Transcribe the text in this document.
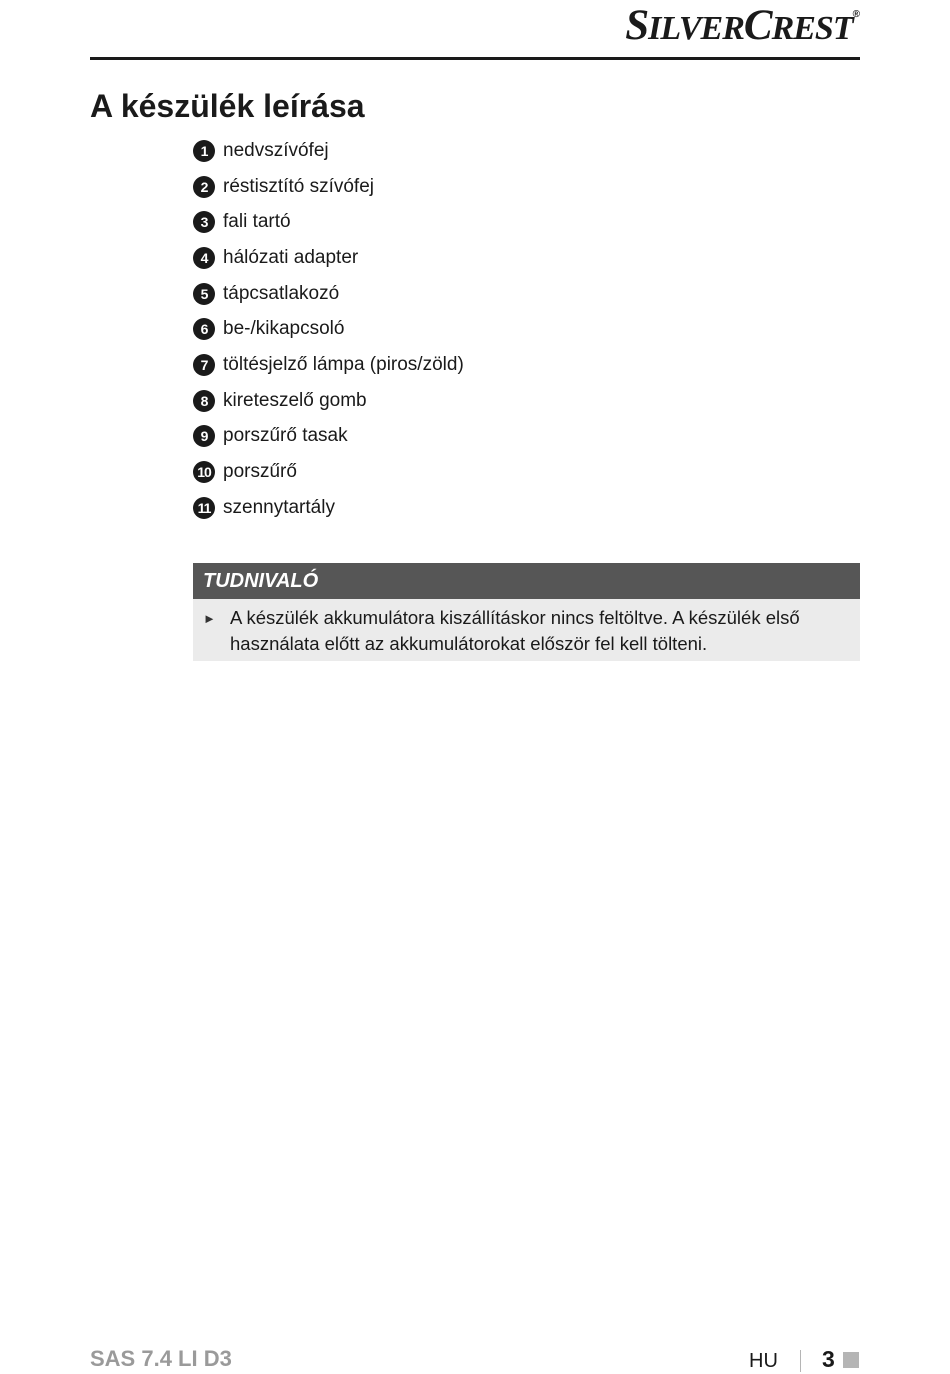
SILVERCREST®
A készülék leírása
1 nedvszívófej
2 réstisztító szívófej
3 fali tartó
4 hálózati adapter
5 tápcsatlakozó
6 be-/kikapcsoló
7 töltésjelző lámpa (piros/zöld)
8 kireteszelő gomb
9 porszűrő tasak
10 porszűrő
11 szennytartály
TUDNIVALÓ
► A készülék akkumulátora kiszállításkor nincs feltöltve. A készülék első használata előtt az akkumulátorokat először fel kell tölteni.
SAS 7.4 LI D3	HU 3
